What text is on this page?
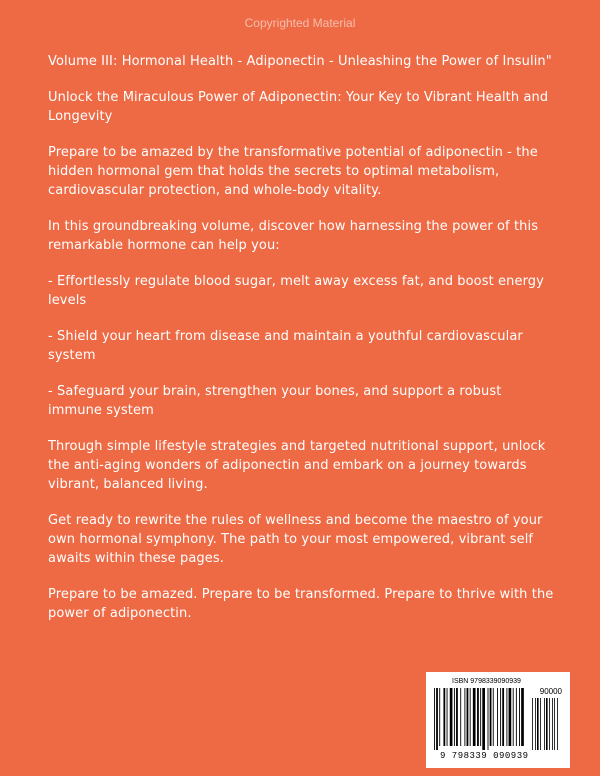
Copyrighted Material

Volume III: Hormonal Health - Adiponectin - Unleashing the Power of Insulin"

Unlock the Miraculous Power of Adiponectin: Your Key to Vibrant Health and Longevity

Prepare to be amazed by the transformative potential of adiponectin - the hidden hormonal gem that holds the secrets to optimal metabolism, cardiovascular protection, and whole-body vitality.

In this groundbreaking volume, discover how harnessing the power of this remarkable hormone can help you:

- Effortlessly regulate blood sugar, melt away excess fat, and boost energy levels

- Shield your heart from disease and maintain a youthful cardiovascular system

- Safeguard your brain, strengthen your bones, and support a robust immune system

Through simple lifestyle strategies and targeted nutritional support, unlock the anti-aging wonders of adiponectin and embark on a journey towards vibrant, balanced living.

Get ready to rewrite the rules of wellness and become the maestro of your own hormonal symphony. The path to your most empowered, vibrant self awaits within these pages.

Prepare to be amazed. Prepare to be transformed. Prepare to thrive with the power of adiponectin.

ISBN 9798339090939
90000
9 798339 090939
